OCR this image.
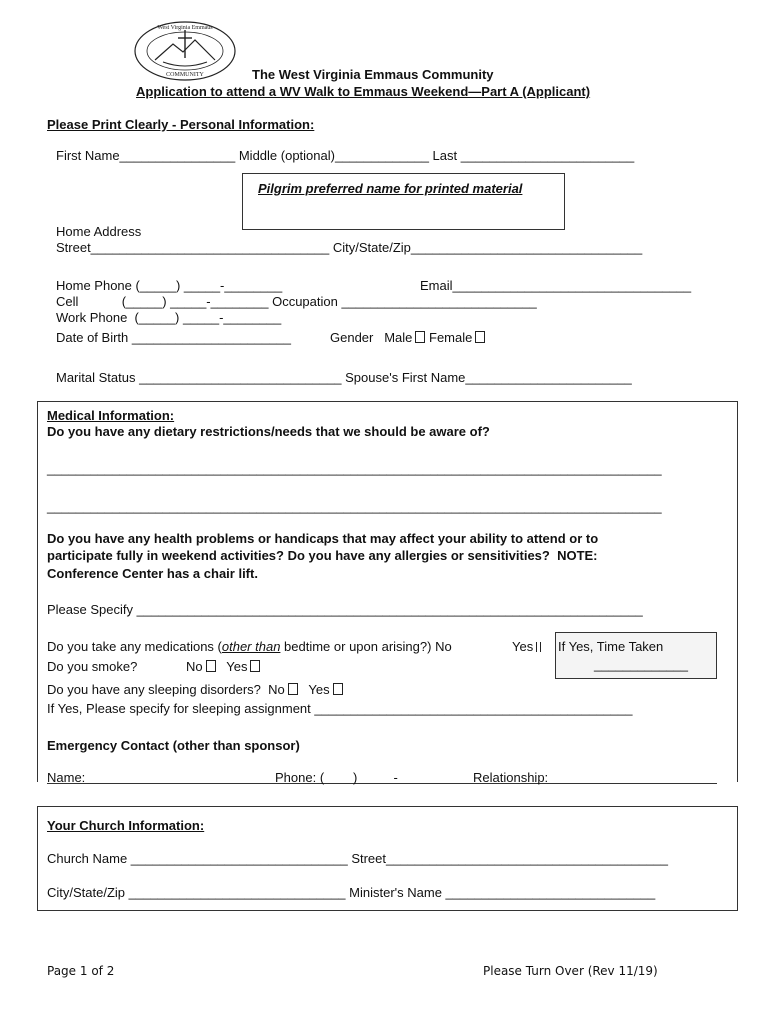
West Virginia Emmaus
COMMUNITY	The West Virginia Emmaus Community
Application to attend a WV Walk to Emmaus Weekend—Part A (Applicant)
Please Print Clearly - Personal Information:
First Name________________ Middle (optional)_____________ Last ________________________
Pilgrim preferred name for printed material
Home Address
Street_________________________________ City/State/Zip________________________________
Home Phone (_____) _____-________	Email_________________________________
Cell            (_____) _____-________ Occupation ___________________________
Work Phone  (_____) _____-________
Date of Birth ______________________	Gender   Male Female
Marital Status ____________________________ Spouse's First Name_______________________
Medical Information:
Do you have any dietary restrictions/needs that we should be aware of?
_____________________________________________________________________________________
_____________________________________________________________________________________
Do you have any health problems or handicaps that may affect your ability to attend or to
participate fully in weekend activities? Do you have any allergies or sensitivities?  NOTE:
Conference Center has a chair lift.
Please Specify ______________________________________________________________________
Do you take any medications (other than bedtime or upon arising?) No	Yes	If Yes, Time Taken
_____________
Do you smoke?	No Yes
Do you have any sleeping disorders?  No Yes
If Yes, Please specify for sleeping assignment ____________________________________________
Emergency Contact (other than sponsor)
Name:	Phone: (        )          -	Relationship:
Your Church Information:
Church Name ______________________________ Street_______________________________________
City/State/Zip ______________________________ Minister's Name _____________________________
Page 1 of 2	Please Turn Over (Rev 11/19)
